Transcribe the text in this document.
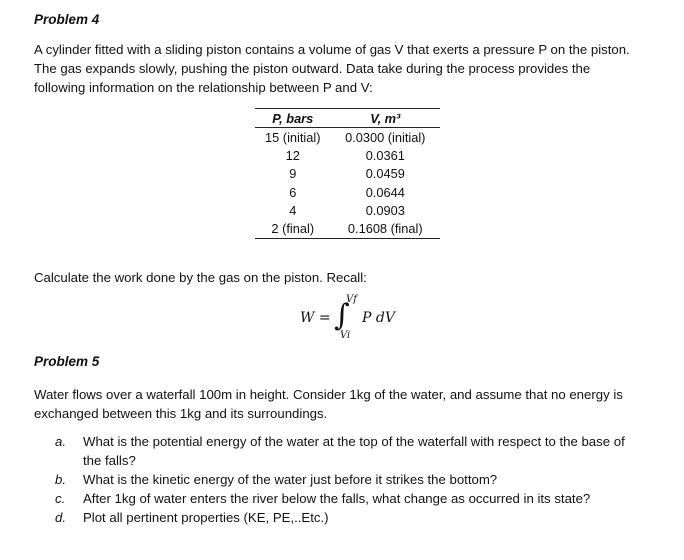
Problem 4
A cylinder fitted with a sliding piston contains a volume of gas V that exerts a pressure P on the piston.
The gas expands slowly, pushing the piston outward. Data take during the process provides the
following information on the relationship between P and V:
P, bars	V, m³
15 (initial)	0.0300 (initial)
12	0.0361
9	0.0459
6	0.0644
4	0.0903
2 (final)	0.1608 (final)
Calculate the work done by the gas on the piston. Recall:
W = ∫
Vf
Vi
P dV
Problem 5
Water flows over a waterfall 100m in height. Consider 1kg of the water, and assume that no energy is
exchanged between this 1kg and its surroundings.
a. What is the potential energy of the water at the top of the waterfall with respect to the base of
the falls?
b. What is the kinetic energy of the water just before it strikes the bottom?
c. After 1kg of water enters the river below the falls, what change as occurred in its state?
d. Plot all pertinent properties (KE, PE,..Etc.)
